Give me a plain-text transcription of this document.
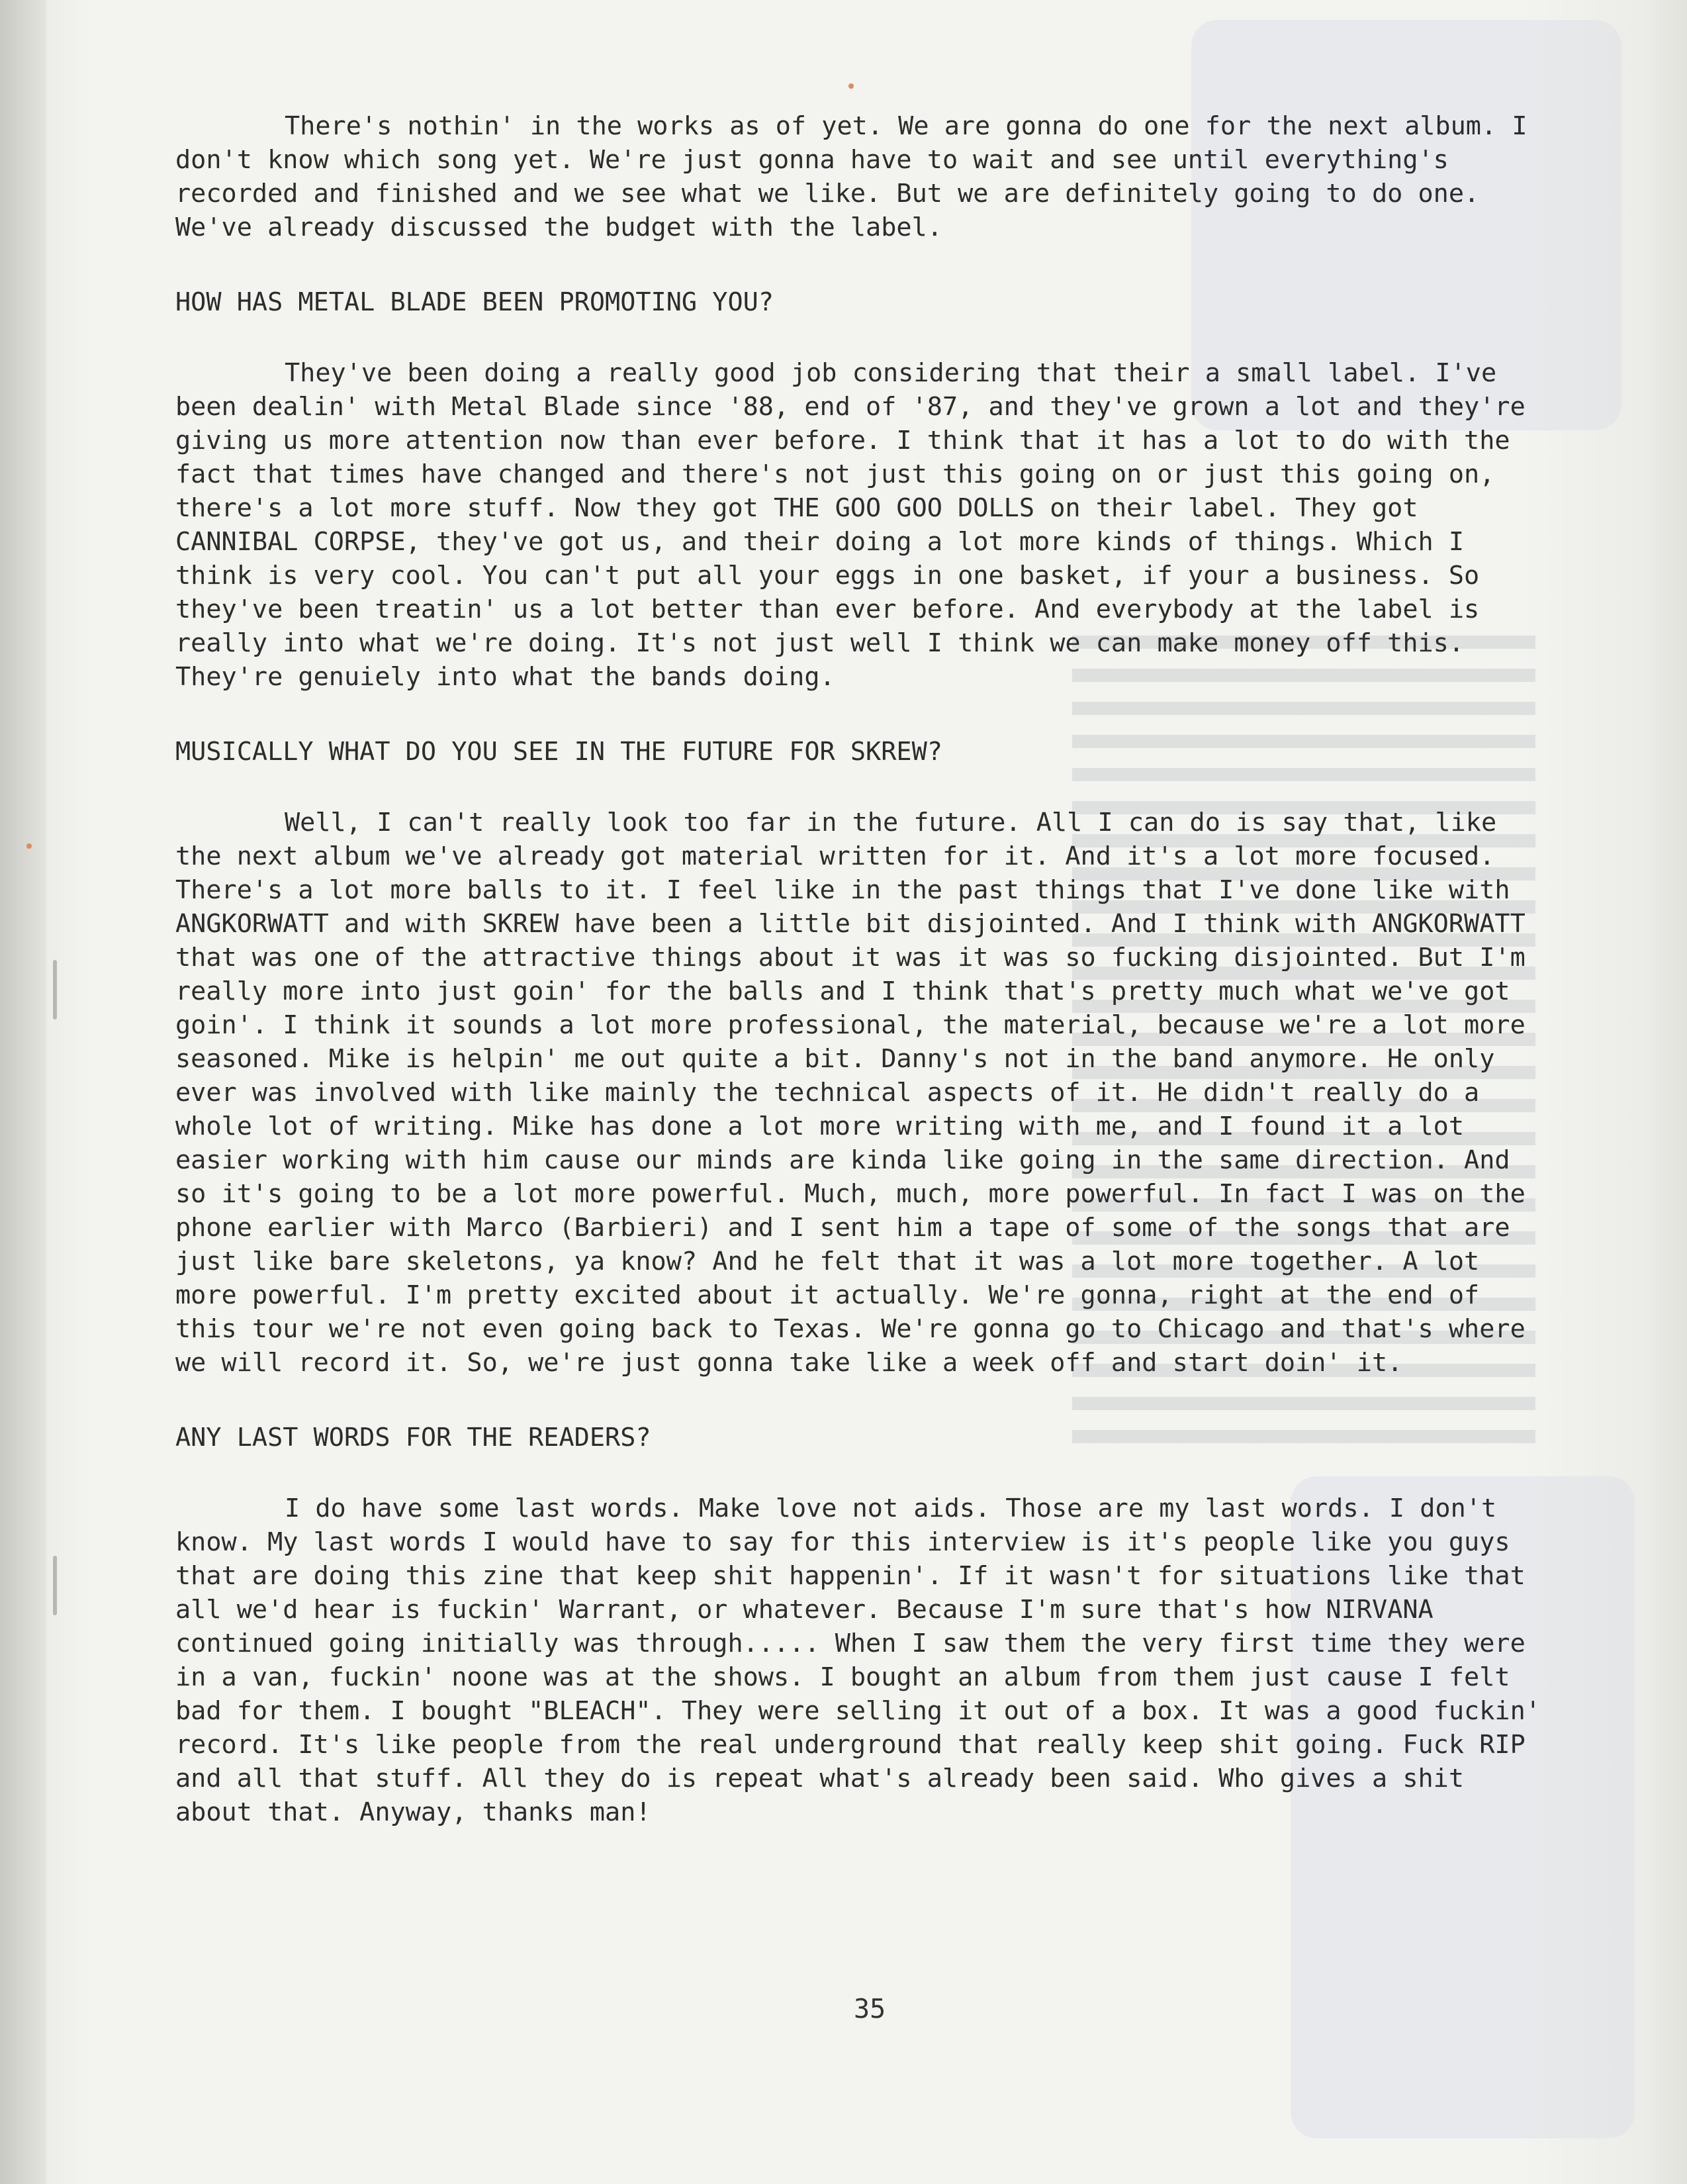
There's nothin' in the works as of yet. We are gonna do one for the next album. I don't know which song yet. We're just gonna have to wait and see until everything's recorded and finished and we see what we like. But we are definitely going to do one. We've already discussed the budget with the label.

HOW HAS METAL BLADE BEEN PROMOTING YOU?

They've been doing a really good job considering that their a small label. I've been dealin' with Metal Blade since '88, end of '87, and they've grown a lot and they're giving us more attention now than ever before. I think that it has a lot to do with the fact that times have changed and there's not just this going on or just this going on, there's a lot more stuff. Now they got THE GOO GOO DOLLS on their label. They got CANNIBAL CORPSE, they've got us, and their doing a lot more kinds of things. Which I think is very cool. You can't put all your eggs in one basket, if your a business. So they've been treatin' us a lot better than ever before. And everybody at the label is really into what we're doing. It's not just well I think we can make money off this. They're genuiely into what the bands doing.

MUSICALLY WHAT DO YOU SEE IN THE FUTURE FOR SKREW?

Well, I can't really look too far in the future. All I can do is say that, like the next album we've already got material written for it. And it's a lot more focused. There's a lot more balls to it. I feel like in the past things that I've done like with ANGKORWATT and with SKREW have been a little bit disjointed. And I think with ANGKORWATT that was one of the attractive things about it was it was so fucking disjointed. But I'm really more into just goin' for the balls and I think that's pretty much what we've got goin'. I think it sounds a lot more professional, the material, because we're a lot more seasoned. Mike is helpin' me out quite a bit. Danny's not in the band anymore. He only ever was involved with like mainly the technical aspects of it. He didn't really do a whole lot of writing. Mike has done a lot more writing with me, and I found it a lot easier working with him cause our minds are kinda like going in the same direction. And so it's going to be a lot more powerful. Much, much, more powerful. In fact I was on the phone earlier with Marco (Barbieri) and I sent him a tape of some of the songs that are just like bare skeletons, ya know? And he felt that it was a lot more together. A lot more powerful. I'm pretty excited about it actually. We're gonna, right at the end of this tour we're not even going back to Texas. We're gonna go to Chicago and that's where we will record it. So, we're just gonna take like a week off and start doin' it.

ANY LAST WORDS FOR THE READERS?

I do have some last words. Make love not aids. Those are my last words. I don't know. My last words I would have to say for this interview is it's people like you guys that are doing this zine that keep shit happenin'. If it wasn't for situations like that all we'd hear is fuckin' Warrant, or whatever. Because I'm sure that's how NIRVANA continued going initially was through..... When I saw them the very first time they were in a van, fuckin' noone was at the shows. I bought an album from them just cause I felt bad for them. I bought "BLEACH". They were selling it out of a box. It was a good fuckin' record. It's like people from the real underground that really keep shit going. Fuck RIP and all that stuff. All they do is repeat what's already been said. Who gives a shit about that. Anyway, thanks man!

35
